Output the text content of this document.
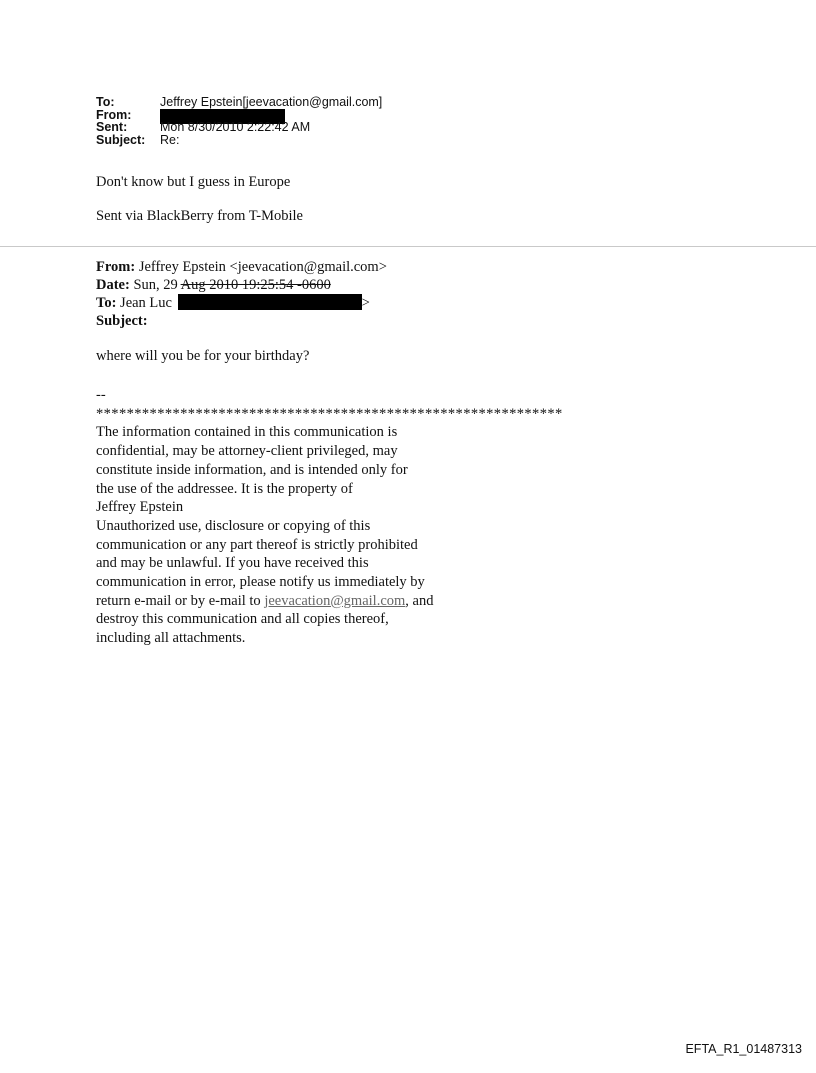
To:	Jeffrey Epstein[jeevacation@gmail.com]
From:
Sent:	Mon 8/30/2010 2:22:42 AM
Subject:	Re:
Don't know but I guess in Europe
Sent via BlackBerry from T-Mobile
From: Jeffrey Epstein <jeevacation@gmail.com>
Date: Sun, 29 Aug 2010 19:25:54 -0600
To: Jean Luc	>
Subject:
where will you be for your birthday?
--
*************************************************************
The information contained in this communication is
confidential, may be attorney-client privileged, may
constitute inside information, and is intended only for
the use of the addressee. It is the property of
Jeffrey Epstein
Unauthorized use, disclosure or copying of this
communication or any part thereof is strictly prohibited
and may be unlawful. If you have received this
communication in error, please notify us immediately by
return e-mail or by e-mail to jeevacation@gmail.com, and
destroy this communication and all copies thereof,
including all attachments.
EFTA_R1_01487313
